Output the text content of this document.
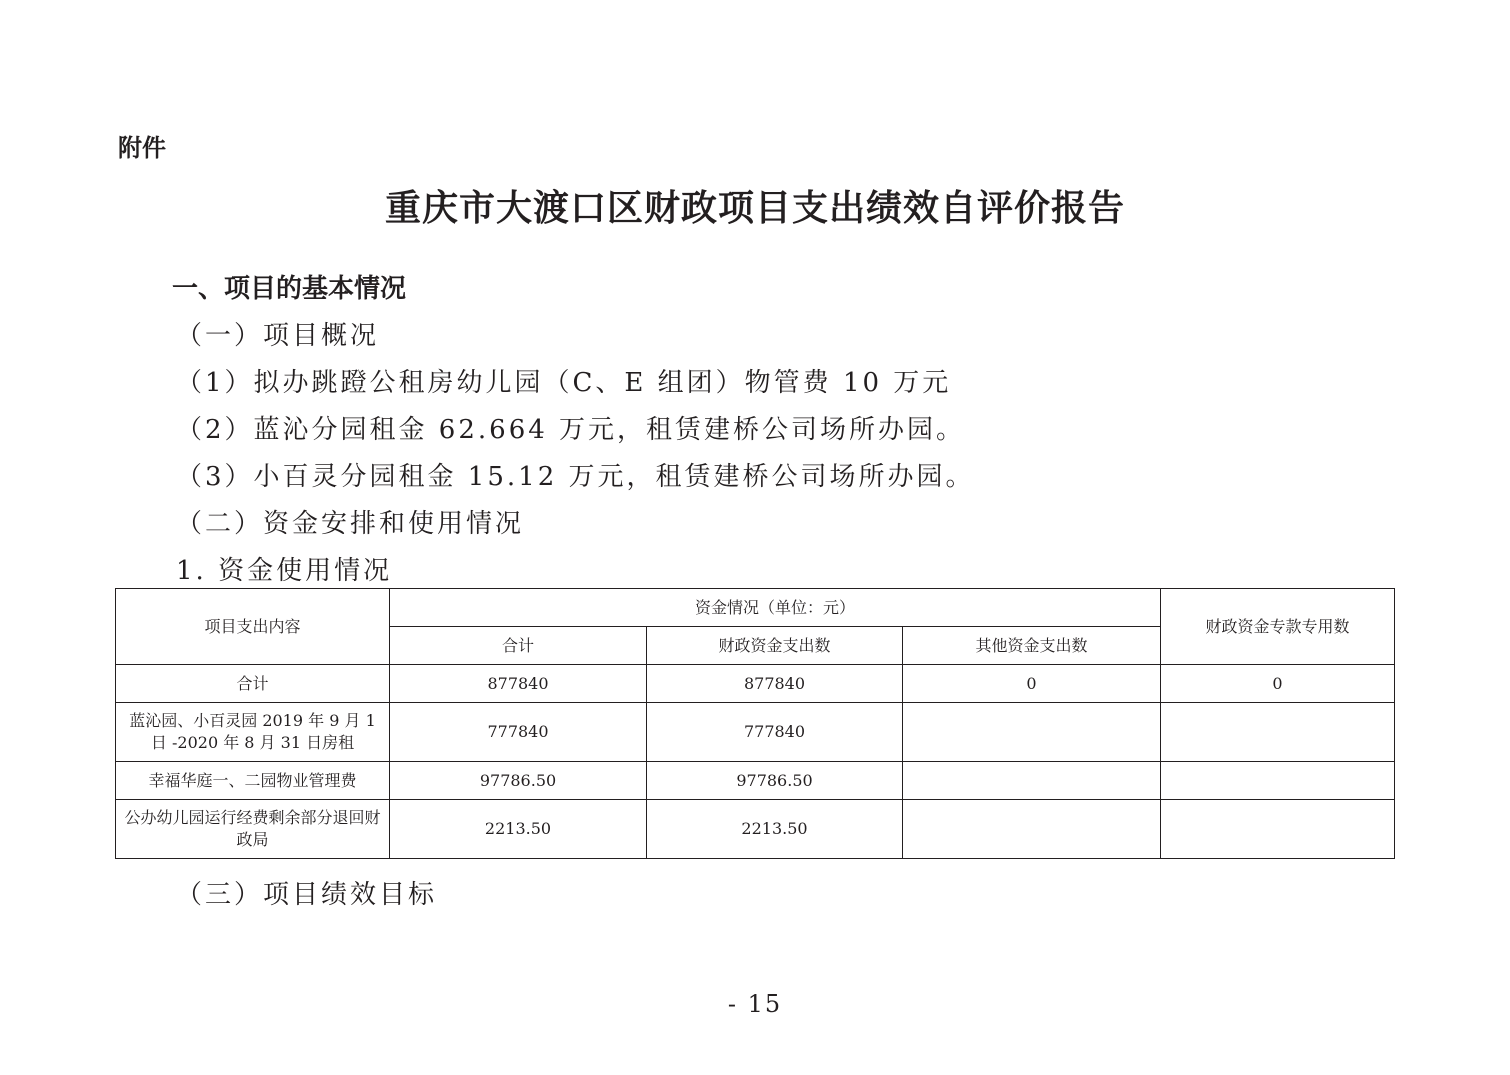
附件
重庆市大渡口区财政项目支出绩效自评价报告
一、项目的基本情况
（一）项目概况
（1）拟办跳蹬公租房幼儿园（C、E 组团）物管费 10 万元
（2）蓝沁分园租金 62.664 万元，租赁建桥公司场所办园。
（3）小百灵分园租金 15.12 万元，租赁建桥公司场所办园。
（二）资金安排和使用情况
1. 资金使用情况
项目支出内容	资金情况（单位：元）			财政资金专款专用数
	合计	财政资金支出数	其他资金支出数	
合计	877840	877840	0	0
蓝沁园、小百灵园 2019 年 9 月 1 日 -2020 年 8 月 31 日房租	777840	777840		
幸福华庭一、二园物业管理费	97786.50	97786.50		
公办幼儿园运行经费剩余部分退回财政局	2213.50	2213.50		
（三）项目绩效目标
- 15
